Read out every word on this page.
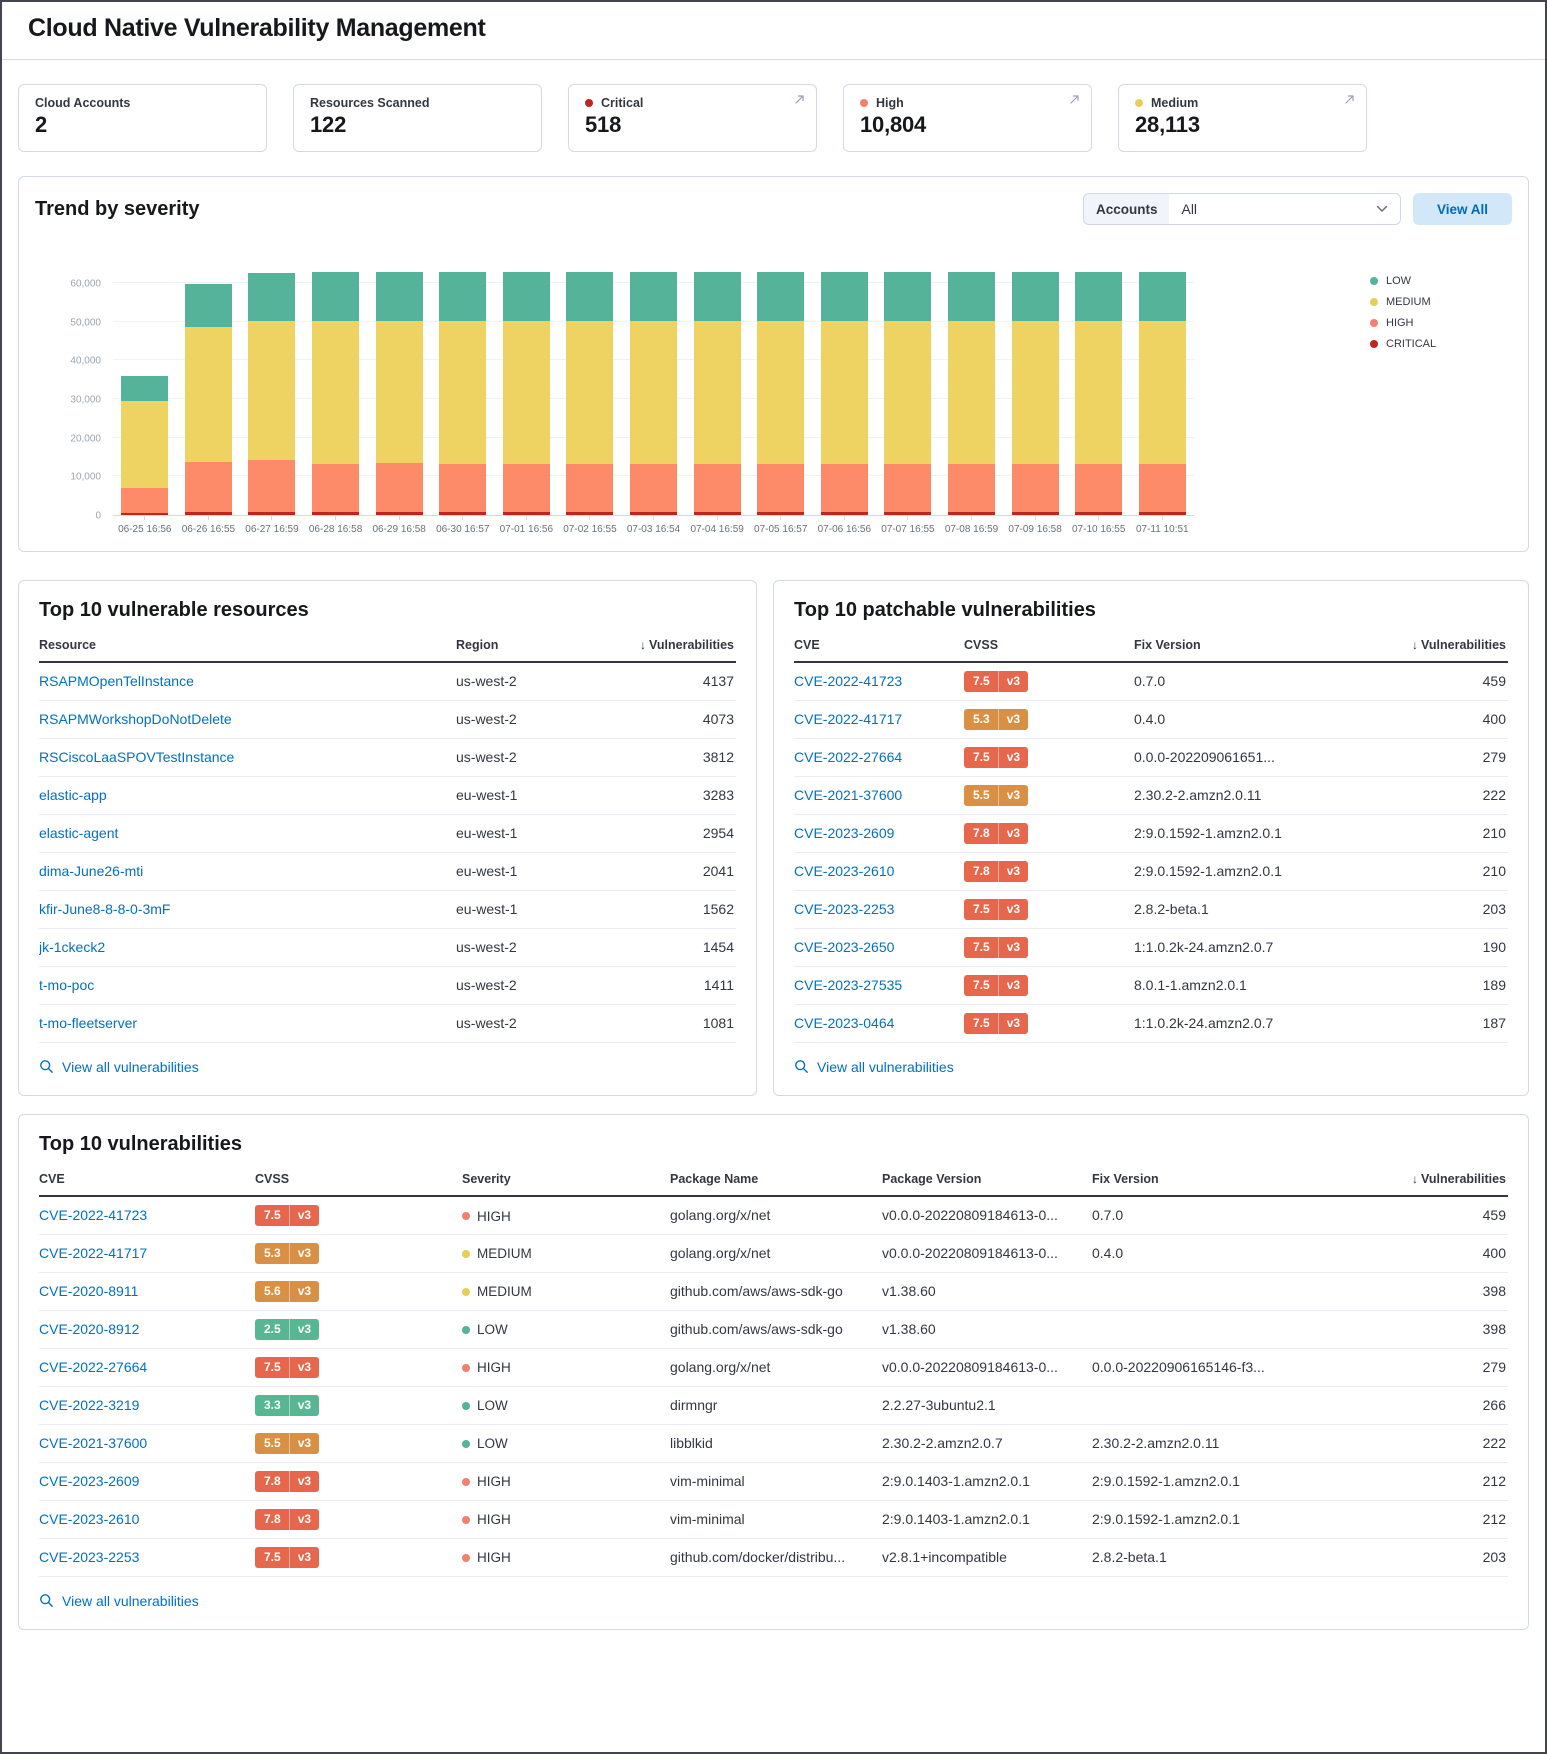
Cloud Native Vulnerability Management
Cloud Accounts
2
Resources Scanned
122
Critical
518
High
10,804
Medium
28,113
Trend by severity	Accounts	All	View All
0
10,000
20,000
30,000
40,000
50,000
60,000
06-25 16:56 06-26 16:55 06-27 16:59 06-28 16:58 06-29 16:58 06-30 16:57 07-01 16:56 07-02 16:55 07-03 16:54 07-04 16:59 07-05 16:57 07-06 16:56 07-07 16:55 07-08 16:59 07-09 16:58 07-10 16:55 07-11 10:51
LOW
MEDIUM
HIGH
CRITICAL
Top 10 vulnerable resources
Resource	Region	↓ Vulnerabilities
RSAPMOpenTelInstance	us-west-2	4137
RSAPMWorkshopDoNotDelete	us-west-2	4073
RSCiscoLaaSPOVTestInstance	us-west-2	3812
elastic-app	eu-west-1	3283
elastic-agent	eu-west-1	2954
dima-June26-mti	eu-west-1	2041
kfir-June8-8-8-0-3mF	eu-west-1	1562
jk-1ckeck2	us-west-2	1454
t-mo-poc	us-west-2	1411
t-mo-fleetserver	us-west-2	1081
View all vulnerabilities
Top 10 patchable vulnerabilities
CVE	CVSS	Fix Version	↓ Vulnerabilities
CVE-2022-41723	7.5 v3	0.7.0	459
CVE-2022-41717	5.3 v3	0.4.0	400
CVE-2022-27664	7.5 v3	0.0.0-202209061651...	279
CVE-2021-37600	5.5 v3	2.30.2-2.amzn2.0.11	222
CVE-2023-2609	7.8 v3	2:9.0.1592-1.amzn2.0.1	210
CVE-2023-2610	7.8 v3	2:9.0.1592-1.amzn2.0.1	210
CVE-2023-2253	7.5 v3	2.8.2-beta.1	203
CVE-2023-2650	7.5 v3	1:1.0.2k-24.amzn2.0.7	190
CVE-2023-27535	7.5 v3	8.0.1-1.amzn2.0.1	189
CVE-2023-0464	7.5 v3	1:1.0.2k-24.amzn2.0.7	187
View all vulnerabilities
Top 10 vulnerabilities
CVE	CVSS	Severity	Package Name	Package Version	Fix Version	↓ Vulnerabilities
CVE-2022-41723	7.5 v3	HIGH	golang.org/x/net	v0.0.0-20220809184613-0...	0.7.0	459
CVE-2022-41717	5.3 v3	MEDIUM	golang.org/x/net	v0.0.0-20220809184613-0...	0.4.0	400
CVE-2020-8911	5.6 v3	MEDIUM	github.com/aws/aws-sdk-go	v1.38.60		398
CVE-2020-8912	2.5 v3	LOW	github.com/aws/aws-sdk-go	v1.38.60		398
CVE-2022-27664	7.5 v3	HIGH	golang.org/x/net	v0.0.0-20220809184613-0...	0.0.0-20220906165146-f3...	279
CVE-2022-3219	3.3 v3	LOW	dirmngr	2.2.27-3ubuntu2.1		266
CVE-2021-37600	5.5 v3	LOW	libblkid	2.30.2-2.amzn2.0.7	2.30.2-2.amzn2.0.11	222
CVE-2023-2609	7.8 v3	HIGH	vim-minimal	2:9.0.1403-1.amzn2.0.1	2:9.0.1592-1.amzn2.0.1	212
CVE-2023-2610	7.8 v3	HIGH	vim-minimal	2:9.0.1403-1.amzn2.0.1	2:9.0.1592-1.amzn2.0.1	212
CVE-2023-2253	7.5 v3	HIGH	github.com/docker/distribu...	v2.8.1+incompatible	2.8.2-beta.1	203
View all vulnerabilities
